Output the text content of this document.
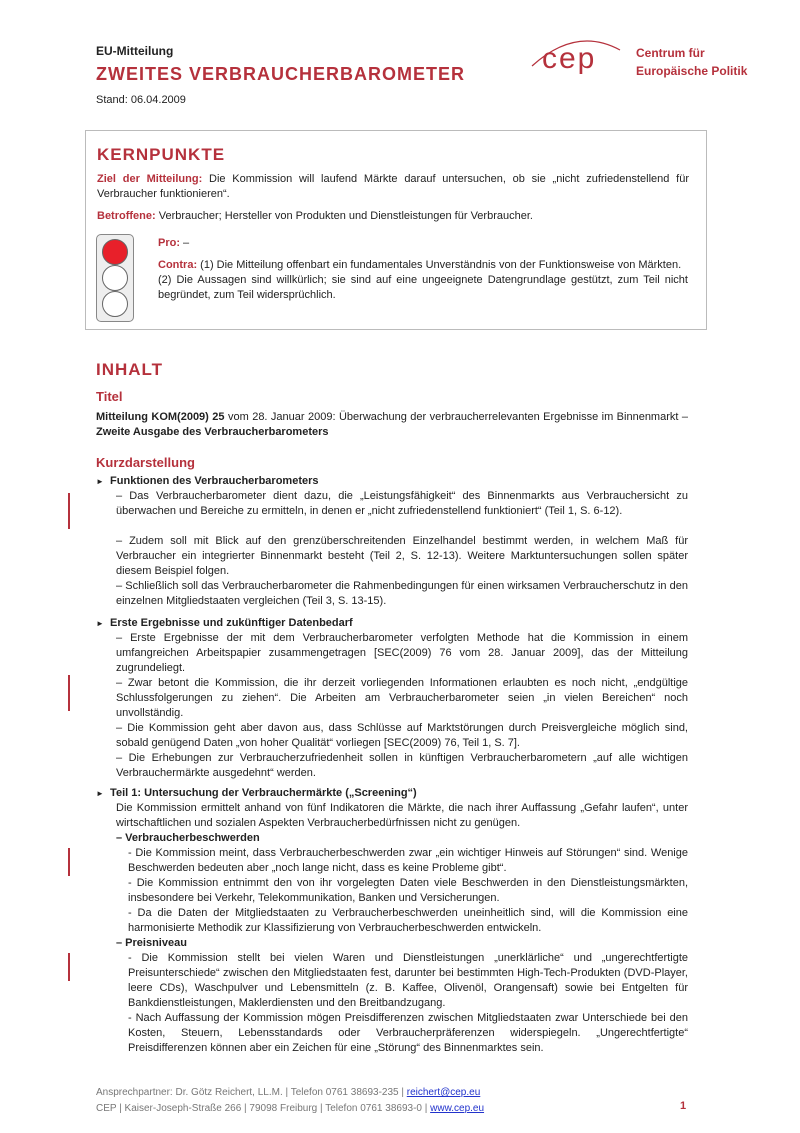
EU-Mitteilung
ZWEITES VERBRAUCHERBAROMETER
Stand: 06.04.2009
cep	Centrum für
Europäische Politik
KERNPUNKTE
Ziel der Mitteilung: Die Kommission will laufend Märkte darauf untersuchen, ob sie „nicht zufriedenstellend für Verbraucher funktionieren“.
Betroffene: Verbraucher; Hersteller von Produkten und Dienstleistungen für Verbraucher.
Pro: –
Contra: (1) Die Mitteilung offenbart ein fundamentales Unverständnis von der Funktionsweise von Märkten.
(2) Die Aussagen sind willkürlich; sie sind auf eine ungeeignete Datengrundlage gestützt, zum Teil nicht begründet, zum Teil widersprüchlich.
INHALT
Titel
Mitteilung KOM(2009) 25 vom 28. Januar 2009: Überwachung der verbraucherrelevanten Ergebnisse im Binnenmarkt – Zweite Ausgabe des Verbraucherbarometers
Kurzdarstellung
► Funktionen des Verbraucherbarometers
– Das Verbraucherbarometer dient dazu, die „Leistungsfähigkeit“ des Binnenmarkts aus Verbrauchersicht zu überwachen und Bereiche zu ermitteln, in denen er „nicht zufriedenstellend funktioniert“ (Teil 1, S. 6-12).
– Zudem soll mit Blick auf den grenzüberschreitenden Einzelhandel bestimmt werden, in welchem Maß für Verbraucher ein integrierter Binnenmarkt besteht (Teil 2, S. 12-13). Weitere Marktuntersuchungen sollen später diesem Beispiel folgen.
– Schließlich soll das Verbraucherbarometer die Rahmenbedingungen für einen wirksamen Verbraucherschutz in den einzelnen Mitgliedstaaten vergleichen (Teil 3, S. 13-15).
► Erste Ergebnisse und zukünftiger Datenbedarf
– Erste Ergebnisse der mit dem Verbraucherbarometer verfolgten Methode hat die Kommission in einem umfangreichen Arbeitspapier zusammengetragen [SEC(2009) 76 vom 28. Januar 2009], das der Mitteilung zugrundeliegt.
– Zwar betont die Kommission, die ihr derzeit vorliegenden Informationen erlaubten es noch nicht, „endgültige Schlussfolgerungen zu ziehen“. Die Arbeiten am Verbraucherbarometer seien „in vielen Bereichen“ noch unvollständig.
– Die Kommission geht aber davon aus, dass Schlüsse auf Marktstörungen durch Preisvergleiche möglich sind, sobald genügend Daten „von hoher Qualität“ vorliegen [SEC(2009) 76, Teil 1, S. 7].
– Die Erhebungen zur Verbraucherzufriedenheit sollen in künftigen Verbraucherbarometern „auf alle wichtigen Verbrauchermärkte ausgedehnt“ werden.
► Teil 1: Untersuchung der Verbrauchermärkte („Screening“)
Die Kommission ermittelt anhand von fünf Indikatoren die Märkte, die nach ihrer Auffassung „Gefahr laufen“, unter wirtschaftlichen und sozialen Aspekten Verbraucherbedürfnissen nicht zu genügen.
– Verbraucherbeschwerden
- Die Kommission meint, dass Verbraucherbeschwerden zwar „ein wichtiger Hinweis auf Störungen“ sind. Wenige Beschwerden bedeuten aber „noch lange nicht, dass es keine Probleme gibt“.
- Die Kommission entnimmt den von ihr vorgelegten Daten viele Beschwerden in den Dienstleistungsmärkten, insbesondere bei Verkehr, Telekommunikation, Banken und Versicherungen.
- Da die Daten der Mitgliedstaaten zu Verbraucherbeschwerden uneinheitlich sind, will die Kommission eine harmonisierte Methodik zur Klassifizierung von Verbraucherbeschwerden entwickeln.
– Preisniveau
- Die Kommission stellt bei vielen Waren und Dienstleistungen „unerklärliche“ und „ungerechtfertigte Preisunterschiede“ zwischen den Mitgliedstaaten fest, darunter bei bestimmten High-Tech-Produkten (DVD-Player, leere CDs), Waschpulver und Lebensmitteln (z. B. Kaffee, Olivenöl, Orangensaft) sowie bei Entgelten für Bankdienstleistungen, Maklerdiensten und den Breitbandzugang.
- Nach Auffassung der Kommission mögen Preisdifferenzen zwischen Mitgliedstaaten zwar Unterschiede bei den Kosten, Steuern, Lebensstandards oder Verbraucherpräferenzen widerspiegeln. „Ungerechtfertigte“ Preisdifferenzen können aber ein Zeichen für eine „Störung“ des Binnenmarktes sein.
Ansprechpartner: Dr. Götz Reichert, LL.M. | Telefon 0761 38693-235 | reichert@cep.eu
CEP | Kaiser-Joseph-Straße 266 | 79098 Freiburg | Telefon 0761 38693-0 | www.cep.eu	1
